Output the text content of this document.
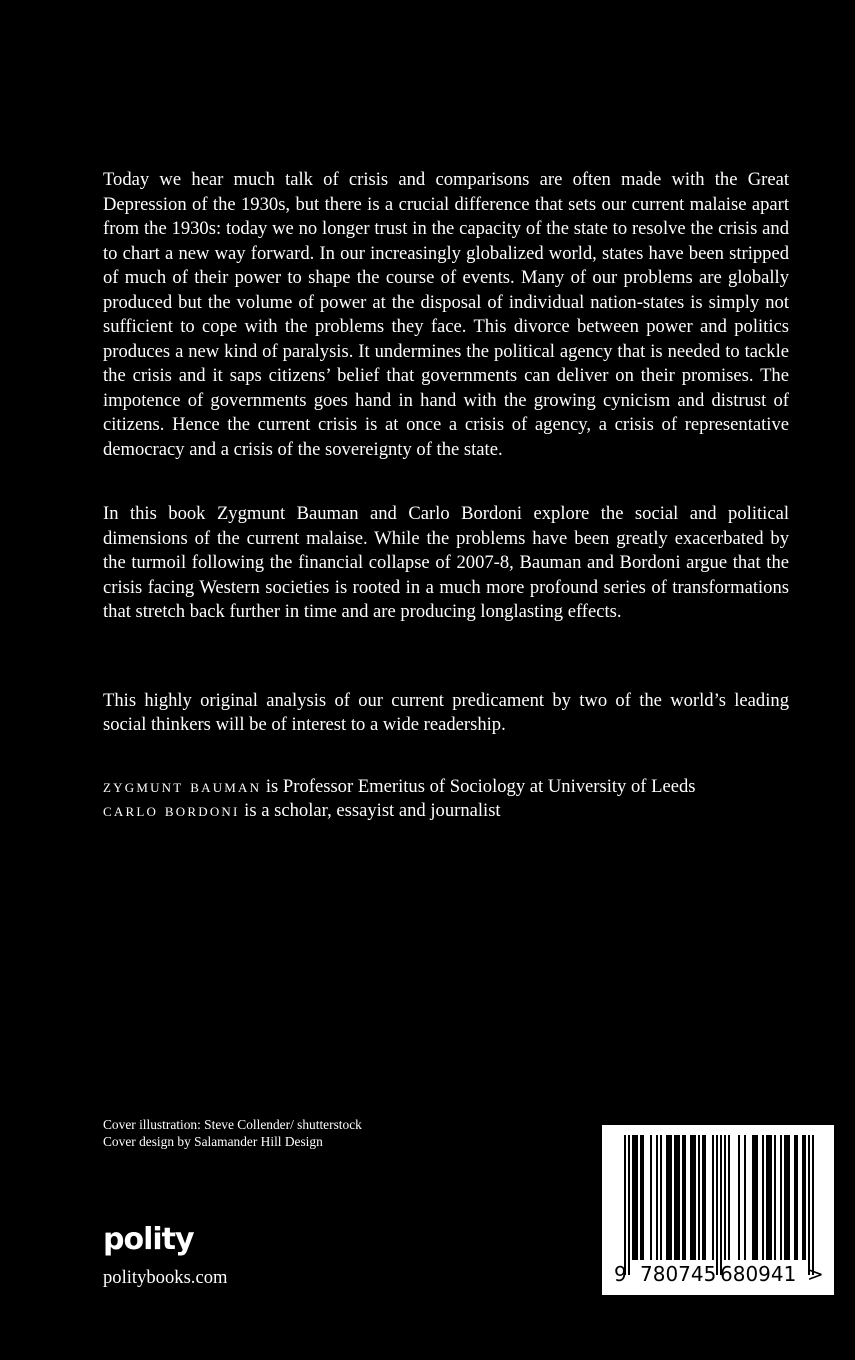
Today we hear much talk of crisis and comparisons are often made with the Great Depression of the 1930s, but there is a crucial difference that sets our current malaise apart from the 1930s: today we no longer trust in the capacity of the state to resolve the crisis and to chart a new way forward. In our increasingly globalized world, states have been stripped of much of their power to shape the course of events. Many of our problems are globally produced but the volume of power at the disposal of individual nation-states is simply not sufficient to cope with the problems they face. This divorce between power and politics produces a new kind of paralysis. It undermines the political agency that is needed to tackle the crisis and it saps citizens’ belief that governments can deliver on their promises. The impotence of governments goes hand in hand with the growing cynicism and distrust of citizens. Hence the current crisis is at once a crisis of agency, a crisis of representative democracy and a crisis of the sovereignty of the state.

In this book Zygmunt Bauman and Carlo Bordoni explore the social and political dimensions of the current malaise. While the problems have been greatly exacerbated by the turmoil following the financial collapse of 2007-8, Bauman and Bordoni argue that the crisis facing Western societies is rooted in a much more profound series of transformations that stretch back further in time and are producing longlasting effects.

This highly original analysis of our current predicament by two of the world’s leading social thinkers will be of interest to a wide readership.

zygmunt bauman is Professor Emeritus of Sociology at University of Leeds

carlo bordoni is a scholar, essayist and journalist

Cover illustration: Steve Collender/ shutterstock

Cover design by Salamander Hill Design

polity
politybooks.com	9 780745 680941 >
